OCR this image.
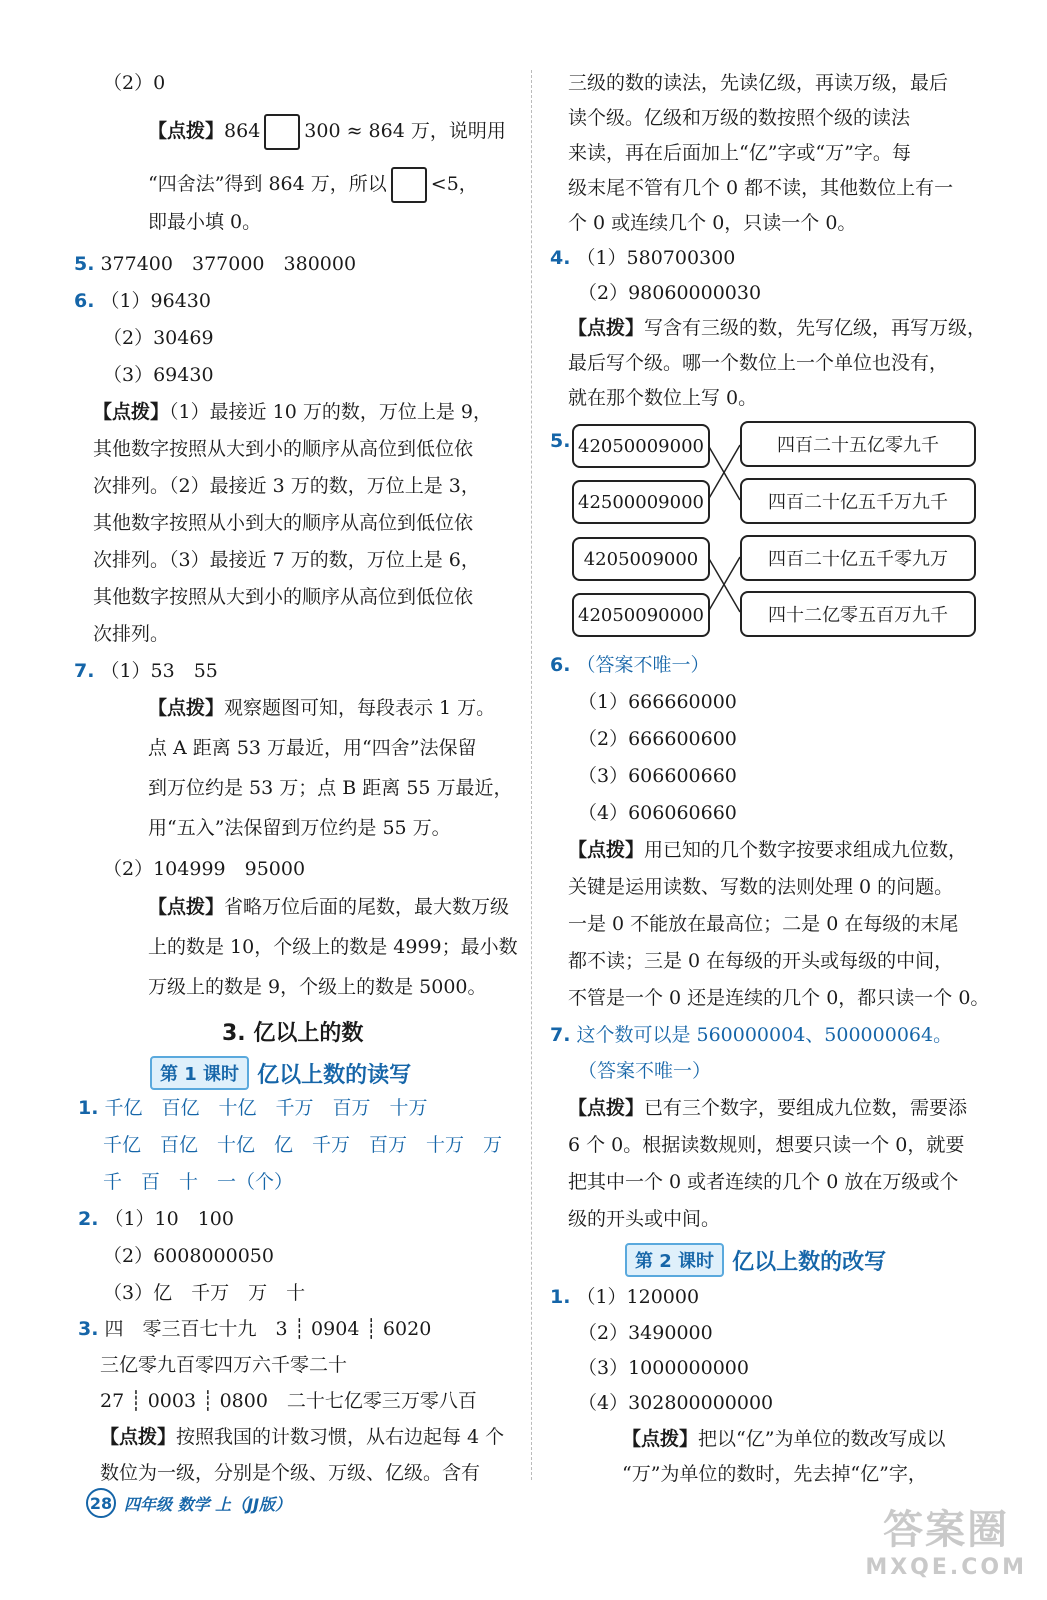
（2）0
【点拨】864 300 ≈ 864 万，说明用
“四舍法”得到 864 万，所以 <5，
即最小填 0。
5. 377400　377000　380000
6. （1）96430
（2）30469
（3）69430
【点拨】（1）最接近 10 万的数，万位上是 9，
其他数字按照从大到小的顺序从高位到低位依
次排列。（2）最接近 3 万的数，万位上是 3，
其他数字按照从小到大的顺序从高位到低位依
次排列。（3）最接近 7 万的数，万位上是 6，
其他数字按照从大到小的顺序从高位到低位依
次排列。
7. （1）53　55
【点拨】观察题图可知，每段表示 1 万。
点 A 距离 53 万最近，用“四舍”法保留
到万位约是 53 万；点 B 距离 55 万最近，
用“五入”法保留到万位约是 55 万。
（2）104999　95000
【点拨】省略万位后面的尾数，最大数万级
上的数是 10，个级上的数是 4999；最小数
万级上的数是 9，个级上的数是 5000。
3. 亿以上的数
第 1 课时 亿以上数的读写
1. 千亿　百亿　十亿　千万　百万　十万
千亿　百亿　十亿　亿　千万　百万　十万　万
千　百　十　一（个）
2. （1）10　100
（2）6008000050
（3）亿　千万　万　十
3. 四　零三百七十九　3 ┊ 0904 ┊ 6020
三亿零九百零四万六千零二十
27 ┊ 0003 ┊ 0800　二十七亿零三万零八百
【点拨】按照我国的计数习惯，从右边起每 4 个
数位为一级，分别是个级、万级、亿级。含有
三级的数的读法，先读亿级，再读万级，最后
读个级。亿级和万级的数按照个级的读法
来读，再在后面加上“亿”字或“万”字。每
级末尾不管有几个 0 都不读，其他数位上有一
个 0 或连续几个 0，只读一个 0。
4. （1）580700300
（2）98060000030
【点拨】写含有三级的数，先写亿级，再写万级，
最后写个级。哪一个数位上一个单位也没有，
就在那个数位上写 0。
5. 42050009000
42500009000
4205009000
42050090000
四百二十五亿零九千
四百二十亿五千万九千
四百二十亿五千零九万
四十二亿零五百万九千
6. （答案不唯一）
（1）666660000
（2）666600600
（3）606600660
（4）606060660
【点拨】用已知的几个数字按要求组成九位数，
关键是运用读数、写数的法则处理 0 的问题。
一是 0 不能放在最高位；二是 0 在每级的末尾
都不读；三是 0 在每级的开头或每级的中间，
不管是一个 0 还是连续的几个 0，都只读一个 0。
7. 这个数可以是 560000004、500000064。
（答案不唯一）
【点拨】已有三个数字，要组成九位数，需要添
6 个 0。根据读数规则，想要只读一个 0，就要
把其中一个 0 或者连续的几个 0 放在万级或个
级的开头或中间。
第 2 课时 亿以上数的改写
1. （1）120000
（2）3490000
（3）1000000000
（4）302800000000
【点拨】把以“亿”为单位的数改写成以
“万”为单位的数时，先去掉“亿”字，
28 四年级 数学 上（JJ版）
答案圈
MXQE.COM
